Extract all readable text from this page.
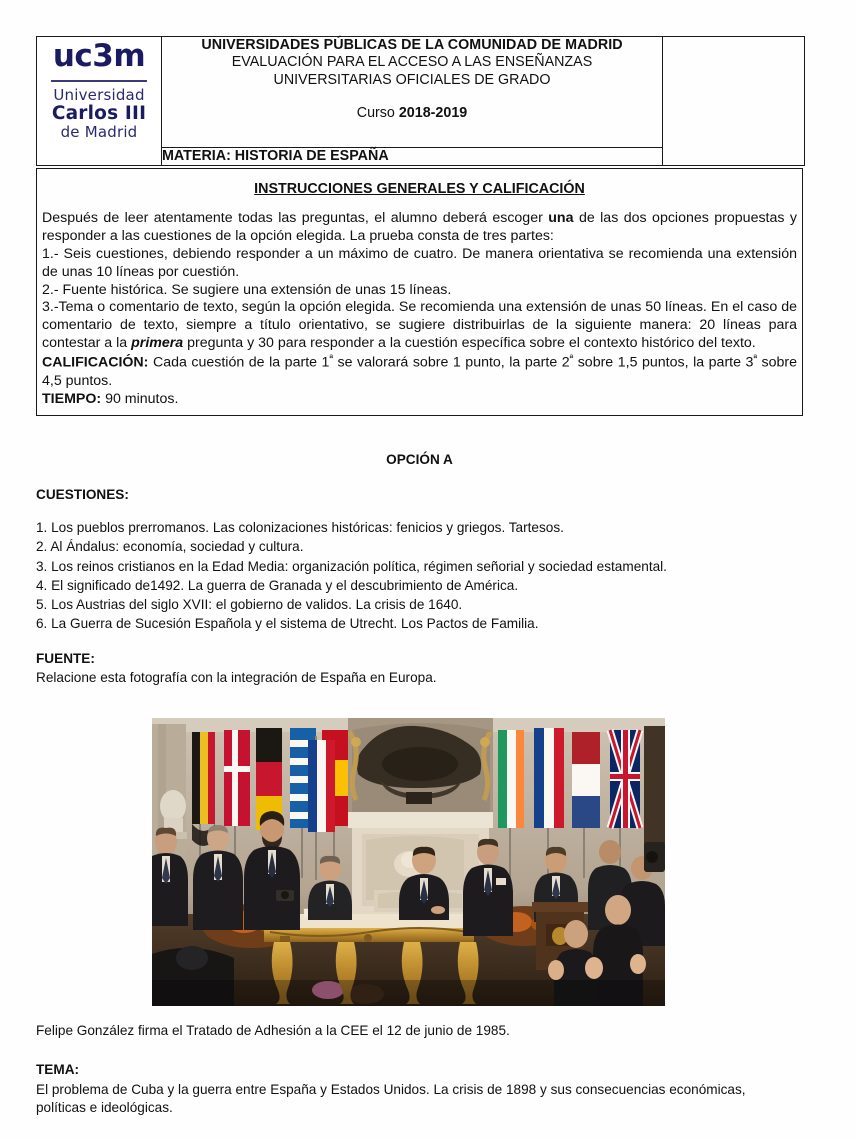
uc3m
Universidad
Carlos III
de Madrid

UNIVERSIDADES PÚBLICAS DE LA COMUNIDAD DE MADRID
EVALUACIÓN PARA EL ACCESO A LAS ENSEÑANZAS
UNIVERSITARIAS OFICIALES DE GRADO
Curso 2018-2019

MATERIA: HISTORIA DE ESPAÑA
INSTRUCCIONES GENERALES Y CALIFICACIÓN

Después de leer atentamente todas las preguntas, el alumno deberá escoger una de las dos opciones propuestas y responder a las cuestiones de la opción elegida. La prueba consta de tres partes:

1.- Seis cuestiones, debiendo responder a un máximo de cuatro. De manera orientativa se recomienda una extensión de unas 10 líneas por cuestión.

2.- Fuente histórica. Se sugiere una extensión de unas 15 líneas.

3.-Tema o comentario de texto, según la opción elegida. Se recomienda una extensión de unas 50 líneas. En el caso de comentario de texto, siempre a título orientativo, se sugiere distribuirlas de la siguiente manera: 20 líneas para contestar a la primera pregunta y 30 para responder a la cuestión específica sobre el contexto histórico del texto.

CALIFICACIÓN: Cada cuestión de la parte $1^ª$ se valorará sobre 1 punto, la parte $2^ª$ sobre 1,5 puntos, la parte $3^ª$ sobre 4,5 puntos.

TIEMPO: 90 minutos.

OPCIÓN A
CUESTIONES:
1. Los pueblos prerromanos. Las colonizaciones históricas: fenicios y griegos. Tartesos.
2. Al Ándalus: economía, sociedad y cultura.
3. Los reinos cristianos en la Edad Media: organización política, régimen señorial y sociedad estamental.
4. El significado de1492. La guerra de Granada y el descubrimiento de América.
5. Los Austrias del siglo XVII: el gobierno de validos. La crisis de 1640.
6. La Guerra de Sucesión Española y el sistema de Utrecht. Los Pactos de Familia.
FUENTE:
Relacione esta fotografía con la integración de España en Europa.
Felipe González firma el Tratado de Adhesión a la CEE el 12 de junio de 1985.
TEMA:
El problema de Cuba y la guerra entre España y Estados Unidos. La crisis de 1898 y sus consecuencias económicas, políticas e ideológicas.
